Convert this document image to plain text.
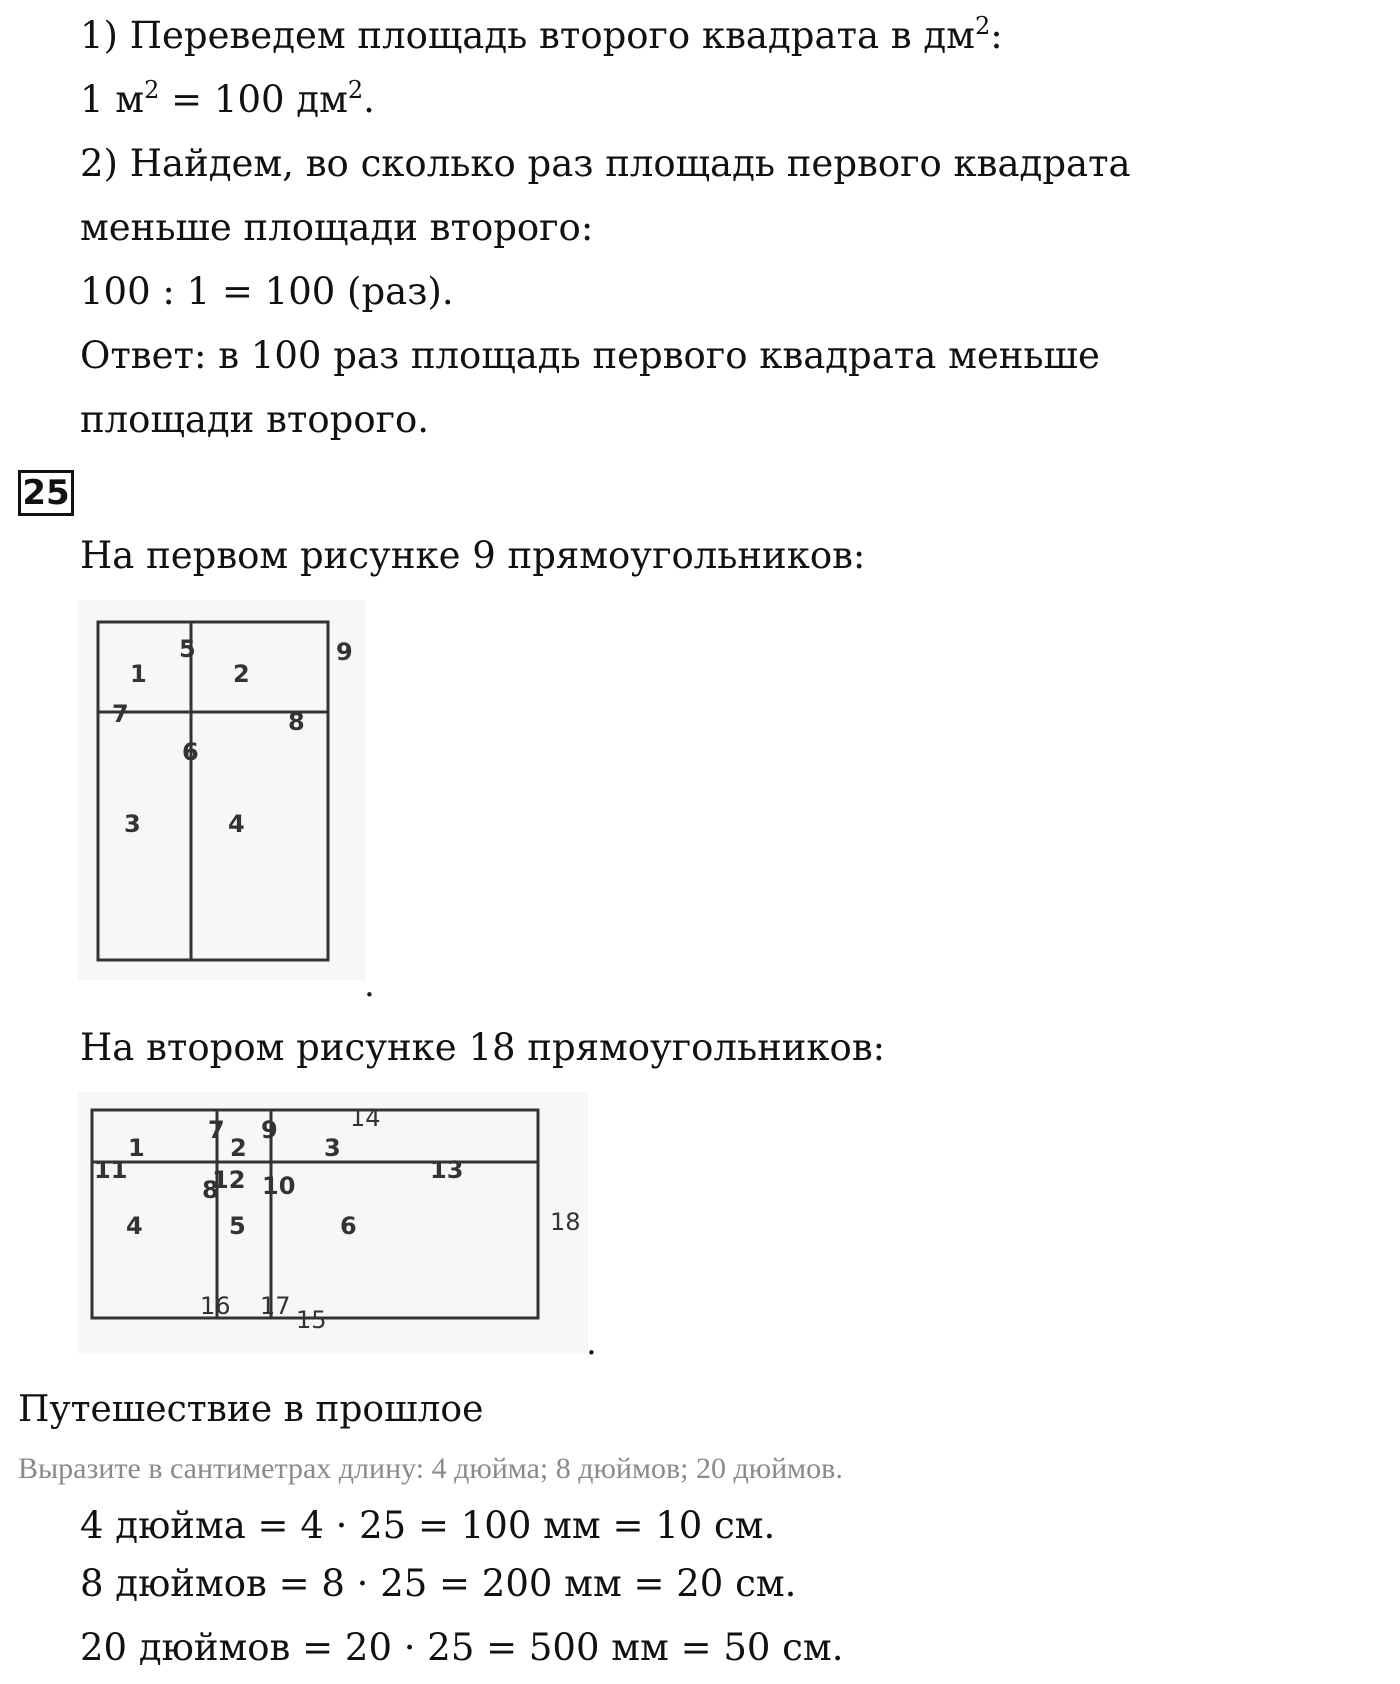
1) Переведем площадь второго квадрата в $дм^2$:
1 $м^2 = 100$ $дм^2$.
2) Найдем, во сколько раз площадь первого квадрата
меньше площади второго:
100 : 1 = 100 (раз).
Ответ: в 100 раз площадь первого квадрата меньше
площади второго.
25
На первом рисунке 9 прямоугольников:
1	2
3	4
5
6
7	8
9
.
На втором рисунке 18 прямоугольников:
1	2	3
4	5	6
7
8
9
10
11	12	13
14
15
16 17
18
.
Путешествие в прошлое
Выразите в сантиметрах длину: 4 дюйма; 8 дюймов; 20 дюймов.
4 дюйма = 4 · 25 = 100 мм = 10 см.
8 дюймов = 8 · 25 = 200 мм = 20 см.
20 дюймов = 20 · 25 = 500 мм = 50 см.
